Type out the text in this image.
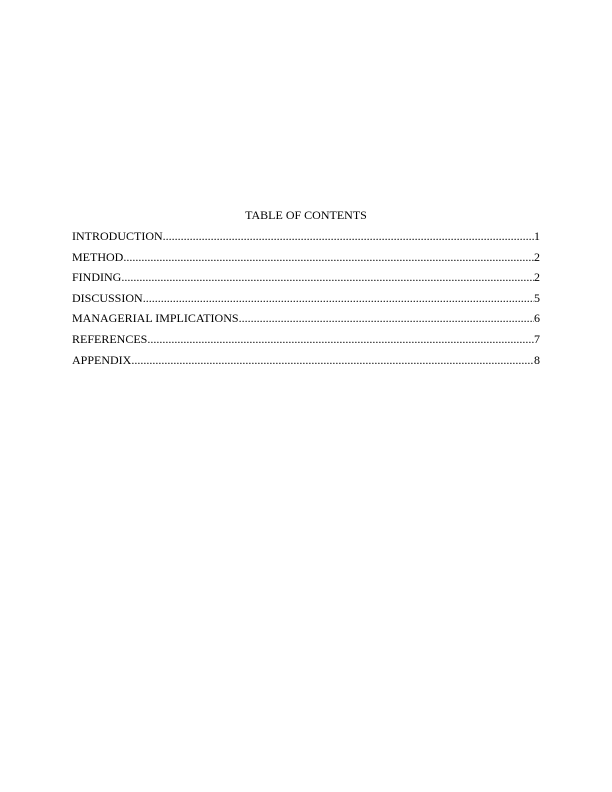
TABLE OF CONTENTS
INTRODUCTION .....	1
METHOD .....	2
FINDING .....	2
DISCUSSION .....	5
MANAGERIAL IMPLICATIONS .....	6
REFERENCES .....	7
APPENDIX .....	8
